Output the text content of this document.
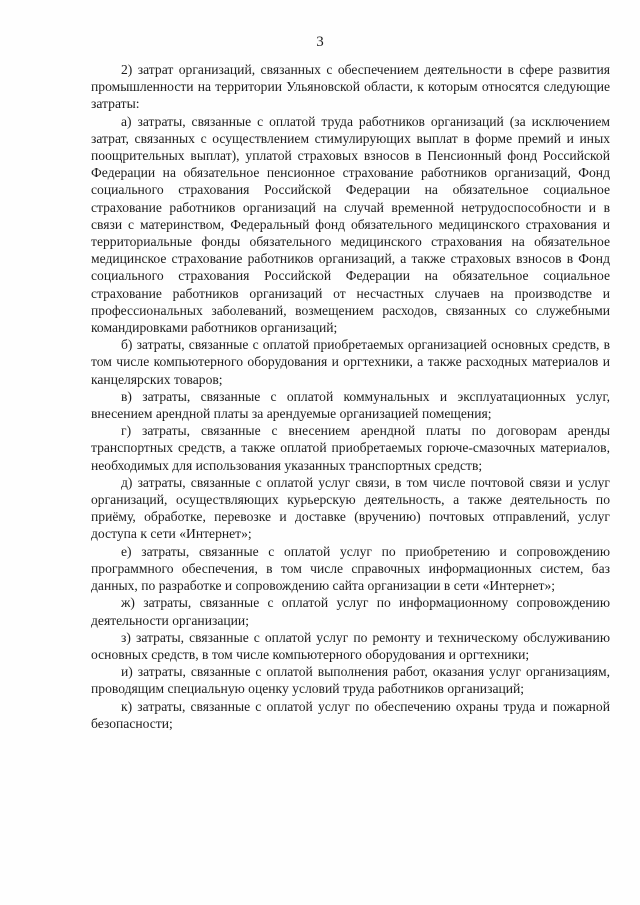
3

2) затрат организаций, связанных с обеспечением деятельности в сфере развития промышленности на территории Ульяновской области, к которым относятся следующие затраты:

а) затраты, связанные с оплатой труда работников организаций (за исключением затрат, связанных с осуществлением стимулирующих выплат в форме премий и иных поощрительных выплат), уплатой страховых взносов в Пенсионный фонд Российской Федерации на обязательное пенсионное страхование работников организаций, Фонд социального страхования Российской Федерации на обязательное социальное страхование работников организаций на случай временной нетрудоспособности и в связи с материнством, Федеральный фонд обязательного медицинского страхования и территориальные фонды обязательного медицинского страхования на обязательное медицинское страхование работников организаций, а также страховых взносов в Фонд социального страхования Российской Федерации на обязательное социальное страхование работников организаций от несчастных случаев на производстве и профессиональных заболеваний, возмещением расходов, связанных со служебными командировками работников организаций;

б) затраты, связанные с оплатой приобретаемых организацией основных средств, в том числе компьютерного оборудования и оргтехники, а также расходных материалов и канцелярских товаров;

в) затраты, связанные с оплатой коммунальных и эксплуатационных услуг, внесением арендной платы за арендуемые организацией помещения;

г) затраты, связанные с внесением арендной платы по договорам аренды транспортных средств, а также оплатой приобретаемых горюче-смазочных материалов, необходимых для использования указанных транспортных средств;

д) затраты, связанные с оплатой услуг связи, в том числе почтовой связи и услуг организаций, осуществляющих курьерскую деятельность, а также деятельность по приёму, обработке, перевозке и доставке (вручению) почтовых отправлений, услуг доступа к сети «Интернет»;

е) затраты, связанные с оплатой услуг по приобретению и сопровождению программного обеспечения, в том числе справочных информационных систем, баз данных, по разработке и сопровождению сайта организации в сети «Интернет»;

ж) затраты, связанные с оплатой услуг по информационному сопровождению деятельности организации;

з) затраты, связанные с оплатой услуг по ремонту и техническому обслуживанию основных средств, в том числе компьютерного оборудования и оргтехники;

и) затраты, связанные с оплатой выполнения работ, оказания услуг организациям, проводящим специальную оценку условий труда работников организаций;

к) затраты, связанные с оплатой услуг по обеспечению охраны труда и пожарной безопасности;
